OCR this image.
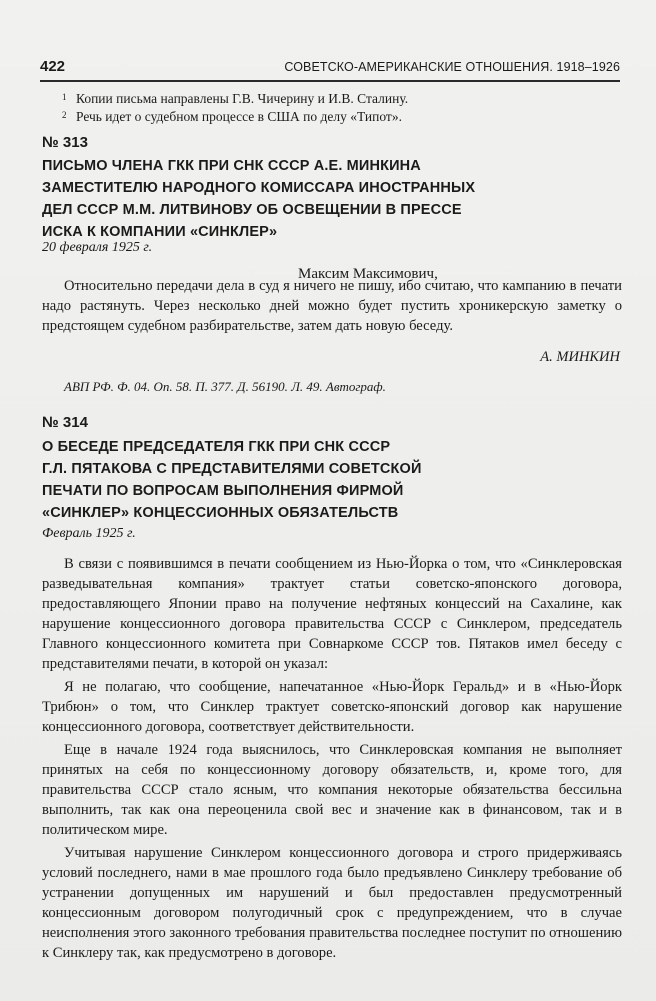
422	СОВЕТСКО-АМЕРИКАНСКИЕ ОТНОШЕНИЯ. 1918–1926
1 Копии письма направлены Г.В. Чичерину и И.В. Сталину.
2 Речь идет о судебном процессе в США по делу «Типот».
№ 313
ПИСЬМО ЧЛЕНА ГКК ПРИ СНК СССР А.Е. МИНКИНА
ЗАМЕСТИТЕЛЮ НАРОДНОГО КОМИССАРА ИНОСТРАННЫХ
ДЕЛ СССР М.М. ЛИТВИНОВУ ОБ ОСВЕЩЕНИИ В ПРЕССЕ
ИСКА К КОМПАНИИ «СИНКЛЕР»
20 февраля 1925 г.
Максим Максимович,

Относительно передачи дела в суд я ничего не пишу, ибо считаю, что кампанию в печати надо растянуть. Через несколько дней можно будет пустить хроникерскую заметку о предстоящем судебном разбирательстве, затем дать новую беседу.

А. МИНКИН
АВП РФ. Ф. 04. Оп. 58. П. 377. Д. 56190. Л. 49. Автограф.
№ 314
О БЕСЕДЕ ПРЕДСЕДАТЕЛЯ ГКК ПРИ СНК СССР
Г.Л. ПЯТАКОВА С ПРЕДСТАВИТЕЛЯМИ СОВЕТСКОЙ
ПЕЧАТИ ПО ВОПРОСАМ ВЫПОЛНЕНИЯ ФИРМОЙ
«СИНКЛЕР» КОНЦЕССИОННЫХ ОБЯЗАТЕЛЬСТВ
Февраль 1925 г.

В связи с появившимся в печати сообщением из Нью-Йорка о том, что «Синклеровская разведывательная компания» трактует статьи советско-японского договора, предоставляющего Японии право на получение нефтяных концессий на Сахалине, как нарушение концессионного договора правительства СССР с Синклером, председатель Главного концессионного комитета при Совнаркоме СССР тов. Пятаков имел беседу с представителями печати, в которой он указал:

Я не полагаю, что сообщение, напечатанное «Нью-Йорк Геральд» и в «Нью-Йорк Трибюн» о том, что Синклер трактует советско-японский договор как нарушение концессионного договора, соответствует действительности.

Еще в начале 1924 года выяснилось, что Синклеровская компания не выполняет принятых на себя по концессионному договору обязательств, и, кроме того, для правительства СССР стало ясным, что компания некоторые обязательства бессильна выполнить, так как она переоценила свой вес и значение как в финансовом, так и в политическом мире.

Учитывая нарушение Синклером концессионного договора и строго придерживаясь условий последнего, нами в мае прошлого года было предъявлено Синклеру требование об устранении допущенных им нарушений и был предоставлен предусмотренный концессионным договором полугодичный срок с предупреждением, что в случае неисполнения этого законного требования правительства последнее поступит по отношению к Синклеру так, как предусмотрено в договоре.
